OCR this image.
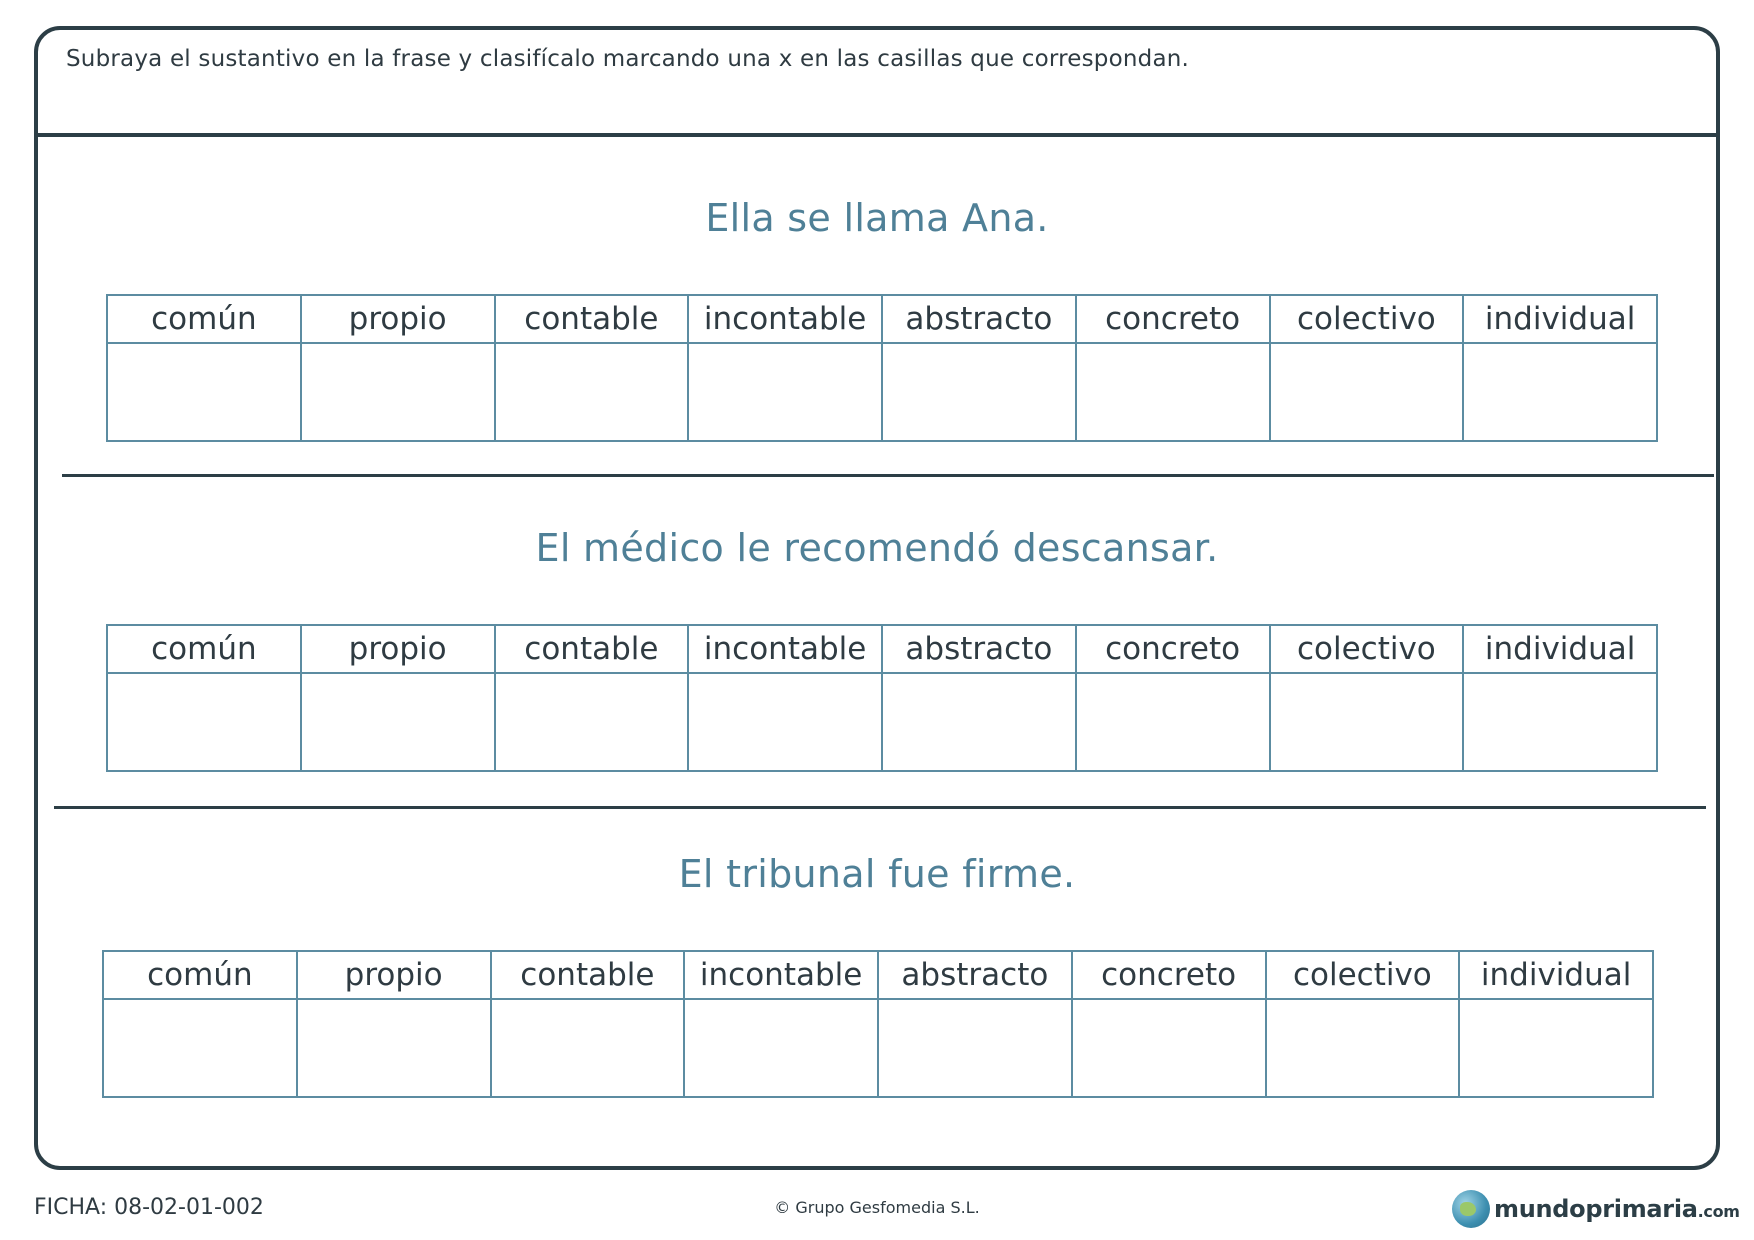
Subraya el sustantivo en la frase y clasifícalo marcando una x en las casillas que correspondan.
Ella se llama Ana.
común	propio	contable	incontable	abstracto	concreto	colectivo	individual

El médico le recomendó descansar.
común	propio	contable	incontable	abstracto	concreto	colectivo	individual

El tribunal fue firme.
común	propio	contable	incontable	abstracto	concreto	colectivo	individual

FICHA: 08-02-01-002	© Grupo Gesfomedia S.L.	mundoprimaria.com
